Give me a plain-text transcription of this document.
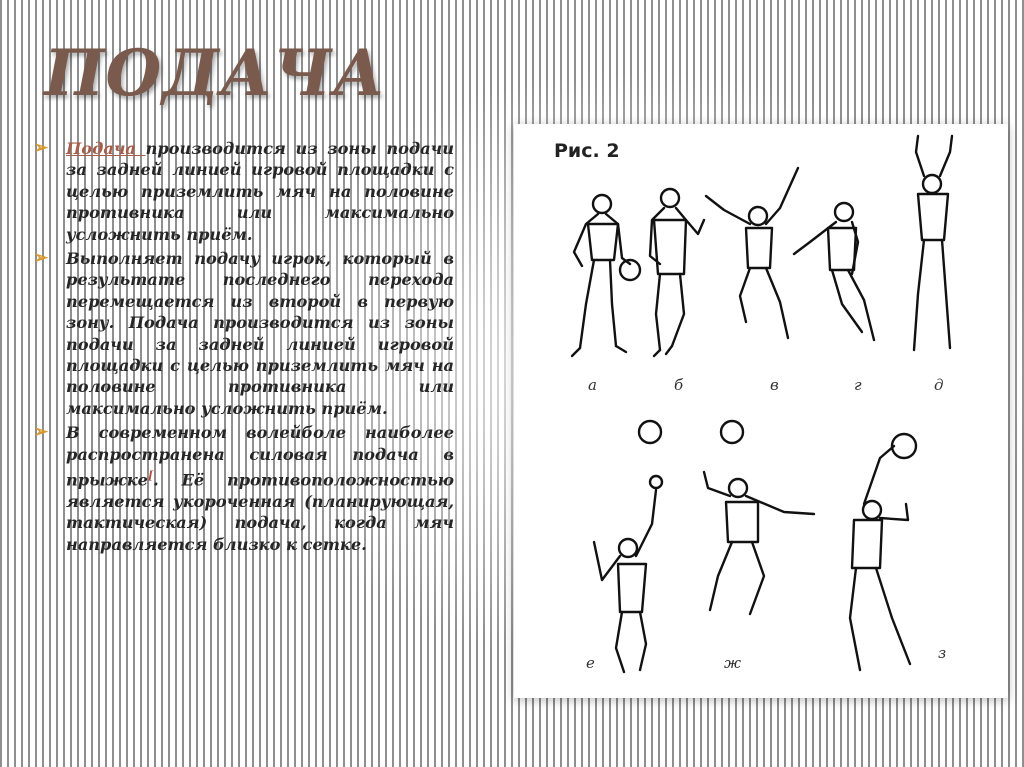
ПОДАЧА
➢ Подача производится из зоны подачи за задней линией игровой площадки с целью приземлить мяч на половине противника или максимально усложнить приём.
➢ Выполняет подачу игрок, который в результате последнего перехода перемещается из второй в первую зону. Подача производится из зоны подачи за задней линией игровой площадки с целью приземлить мяч на половине противника или максимально усложнить приём.
➢ В современном волейболе наиболее распространена силовая подача в прыжке[. Её противоположностью является укороченная (планирующая, тактическая) подача, когда мяч направляется близко к сетке.
Рис. 2
а	б	в	г	д
е	ж
з
